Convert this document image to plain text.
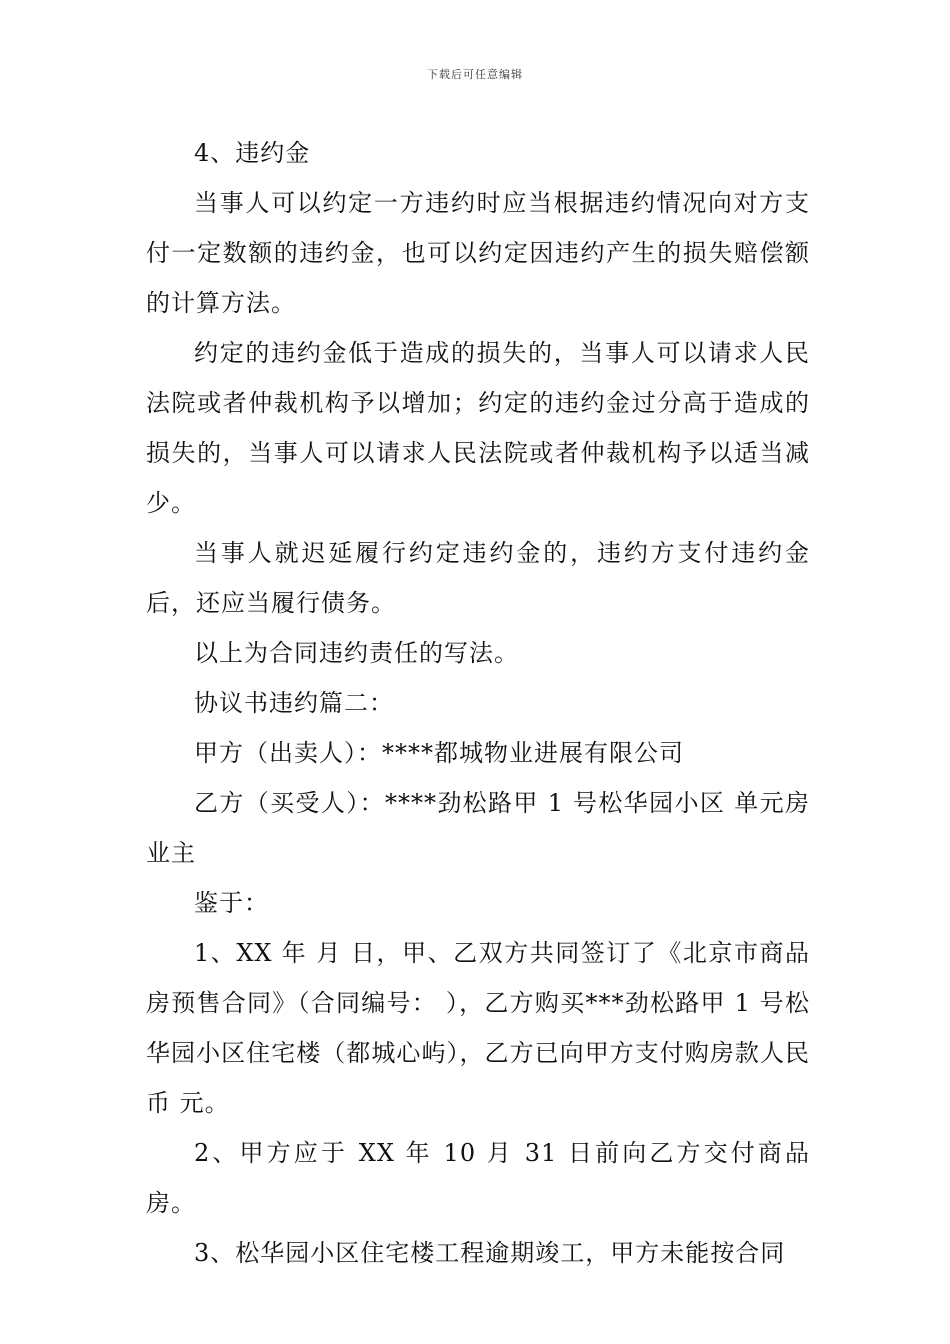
下载后可任意编辑

4、违约金

当事人可以约定一方违约时应当根据违约情况向对方支付一定数额的违约金，也可以约定因违约产生的损失赔偿额的计算方法。

约定的违约金低于造成的损失的，当事人可以请求人民法院或者仲裁机构予以增加；约定的违约金过分高于造成的损失的，当事人可以请求人民法院或者仲裁机构予以适当减少。

当事人就迟延履行约定违约金的，违约方支付违约金后，还应当履行债务。

以上为合同违约责任的写法。

协议书违约篇二：

甲方（出卖人）：****都城物业进展有限公司

乙方（买受人）：****劲松路甲 1 号松华园小区 单元房业主

鉴于：

1、XX 年 月 日，甲、乙双方共同签订了《北京市商品房预售合同》（合同编号： ），乙方购买***劲松路甲 1 号松华园小区住宅楼（都城心屿），乙方已向甲方支付购房款人民币 元。

2、甲方应于 XX 年 10 月 31 日前向乙方交付商品房。

3、松华园小区住宅楼工程逾期竣工，甲方未能按合同
